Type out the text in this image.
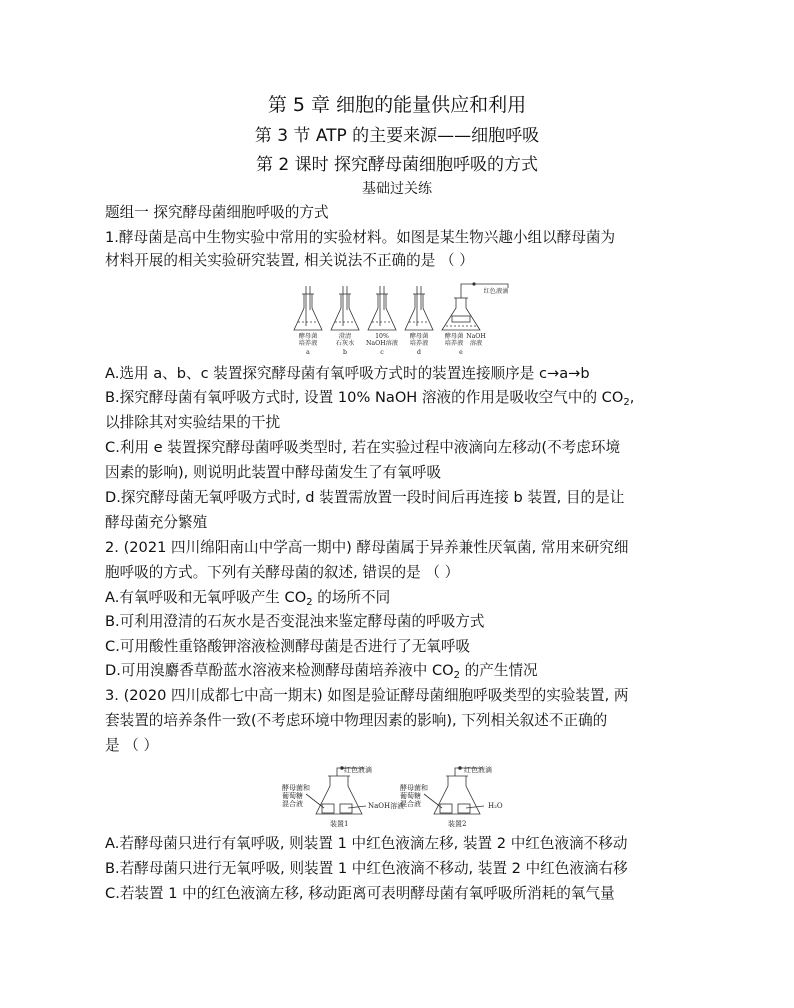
第 5 章 细胞的能量供应和利用
第 3 节 ATP 的主要来源——细胞呼吸
第 2 课时 探究酵母菌细胞呼吸的方式
基础过关练
题组一 探究酵母菌细胞呼吸的方式
1.酵母菌是高中生物实验中常用的实验材料。如图是某生物兴趣小组以酵母菌为
材料开展的相关实验研究装置, 相关说法不正确的是 （ ）
酵母菌
培养液
澄清
石灰水
10%
NaOH溶液
酵母菌
培养液
酵母菌
培养液
NaOH
溶液
红色液滴
a	b	c	d	e
A.选用 a、b、c 装置探究酵母菌有氧呼吸方式时的装置连接顺序是 c→a→b
B.探究酵母菌有氧呼吸方式时, 设置 10% NaOH 溶液的作用是吸收空气中的 $CO_2$,
以排除其对实验结果的干扰
C.利用 e 装置探究酵母菌呼吸类型时, 若在实验过程中液滴向左移动(不考虑环境
因素的影响), 则说明此装置中酵母菌发生了有氧呼吸
D.探究酵母菌无氧呼吸方式时, d 装置需放置一段时间后再连接 b 装置, 目的是让
酵母菌充分繁殖
2. (2021 四川绵阳南山中学高一期中) 酵母菌属于异养兼性厌氧菌, 常用来研究细
胞呼吸的方式。下列有关酵母菌的叙述, 错误的是 （ ）
A.有氧呼吸和无氧呼吸产生 $CO_2$ 的场所不同
B.可利用澄清的石灰水是否变混浊来鉴定酵母菌的呼吸方式
C.可用酸性重铬酸钾溶液检测酵母菌是否进行了无氧呼吸
D.可用溴麝香草酚蓝水溶液来检测酵母菌培养液中 $CO_2$ 的产生情况
3. (2020 四川成都七中高一期末) 如图是验证酵母菌细胞呼吸类型的实验装置, 两
套装置的培养条件一致(不考虑环境中物理因素的影响), 下列相关叙述不正确的
是 （ ）
酵母菌和
葡萄糖
混合液
红色液滴
NaOH溶液
装置1
酵母菌和
葡萄糖
混合液
红色液滴
H₂O
装置2
A.若酵母菌只进行有氧呼吸, 则装置 1 中红色液滴左移, 装置 2 中红色液滴不移动
B.若酵母菌只进行无氧呼吸, 则装置 1 中红色液滴不移动, 装置 2 中红色液滴右移
C.若装置 1 中的红色液滴左移, 移动距离可表明酵母菌有氧呼吸所消耗的氧气量
